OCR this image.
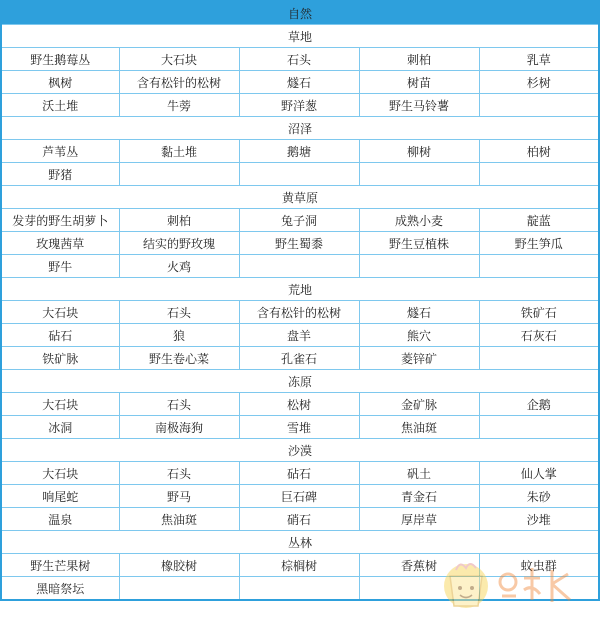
自然				
草地				
野生鹅莓丛	大石块	石头	刺柏	乳草
枫树	含有松针的松树	燧石	树苗	杉树
沃土堆	牛蒡	野洋葱	野生马铃薯	
沼泽				
芦苇丛	黏土堆	鹅塘	柳树	柏树
野猪				
黄草原				
发芽的野生胡萝卜	刺柏	兔子洞	成熟小麦	靛蓝
玫瑰茜草	结实的野玫瑰	野生蜀黍	野生豆植株	野生笋瓜
野牛	火鸡			
荒地				
大石块	石头	含有松针的松树	燧石	铁矿石
砧石	狼	盘羊	熊穴	石灰石
铁矿脉	野生卷心菜	孔雀石	菱锌矿	
冻原				
大石块	石头	松树	金矿脉	企鹅
冰洞	南极海狗	雪堆	焦油斑	
沙漠				
大石块	石头	砧石	矾土	仙人掌
响尾蛇	野马	巨石碑	青金石	朱砂
温泉	焦油斑	硝石	厚岸草	沙堆
丛林				
野生芒果树	橡胶树	棕榈树	香蕉树	蚊虫群
黑暗祭坛				
